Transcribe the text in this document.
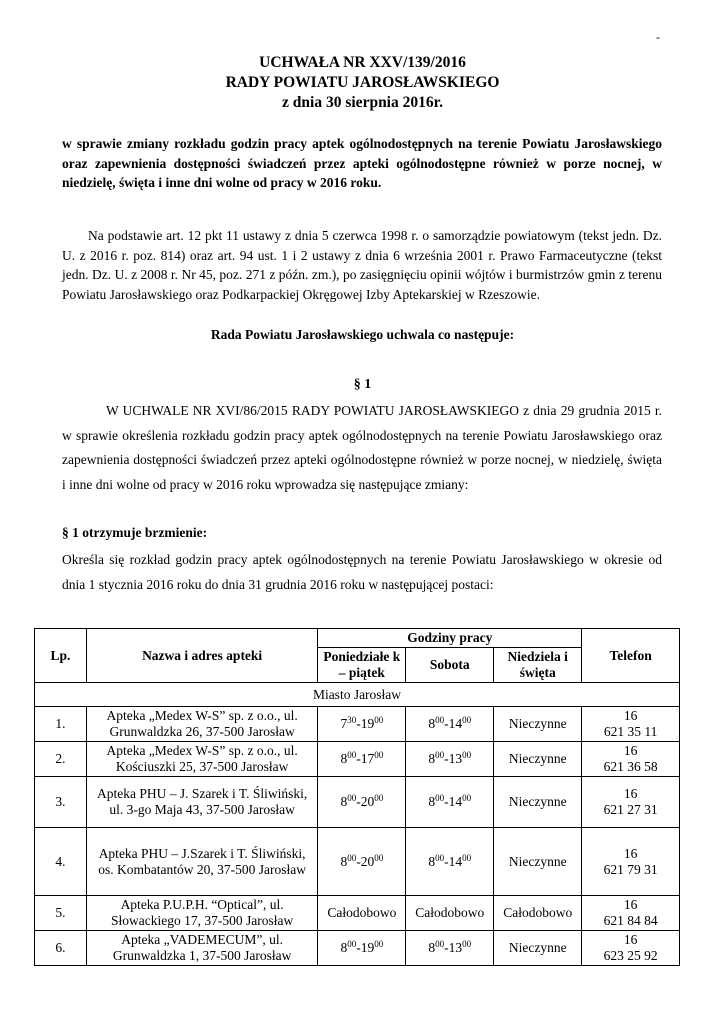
-
UCHWAŁA NR XXV/139/2016
RADY POWIATU JAROSŁAWSKIEGO
z dnia 30 sierpnia 2016r.
w sprawie zmiany rozkładu godzin pracy aptek ogólnodostępnych na terenie Powiatu Jarosławskiego oraz zapewnienia dostępności świadczeń przez apteki ogólnodostępne również w porze nocnej, w niedzielę, święta i inne dni wolne od pracy w 2016 roku.
Na podstawie art. 12 pkt 11 ustawy z dnia 5 czerwca 1998 r. o samorządzie powiatowym (tekst jedn. Dz. U. z 2016 r. poz. 814) oraz art. 94 ust. 1 i 2 ustawy z dnia 6 września 2001 r. Prawo Farmaceutyczne (tekst jedn. Dz. U. z 2008 r. Nr 45, poz. 271 z późn. zm.), po zasięgnięciu opinii wójtów i burmistrzów gmin z terenu Powiatu Jarosławskiego oraz Podkarpackiej Okręgowej Izby Aptekarskiej w Rzeszowie.
Rada Powiatu Jarosławskiego uchwala co następuje:
§ 1
W UCHWALE NR XVI/86/2015 RADY POWIATU JAROSŁAWSKIEGO z dnia 29 grudnia 2015 r. w sprawie określenia rozkładu godzin pracy aptek ogólnodostępnych na terenie Powiatu Jarosławskiego oraz zapewnienia dostępności świadczeń przez apteki ogólnodostępne również w porze nocnej, w niedzielę, święta i inne dni wolne od pracy w 2016 roku wprowadza się następujące zmiany:
§ 1 otrzymuje brzmienie:
Określa się rozkład godzin pracy aptek ogólnodostępnych na terenie Powiatu Jarosławskiego w okresie od dnia 1 stycznia 2016 roku do dnia 31 grudnia 2016 roku w następującej postaci:
Lp.	Nazwa i adres apteki	Godziny pracy			Telefon
		Poniedziałe k – piątek	Sobota	Niedziela i święta	
Miasto Jarosław					
1.	Apteka „Medex W-S” sp. z o.o., ul. Grunwaldzka 26, 37-500 Jarosław	$7^{30}-19^{00}$	$8^{00}-14^{00}$	Nieczynne	16
621 35 11
2.	Apteka „Medex W-S” sp. z o.o., ul. Kościuszki 25, 37-500 Jarosław	$8^{00}-17^{00}$	$8^{00}-13^{00}$	Nieczynne	16
621 36 58
3.	Apteka PHU – J. Szarek i T. Śliwiński, ul. 3-go Maja 43, 37-500 Jarosław	$8^{00}-20^{00}$	$8^{00}-14^{00}$	Nieczynne	16
621 27 31
4.	Apteka PHU – J.Szarek i T. Śliwiński, os. Kombatantów 20, 37-500 Jarosław	$8^{00}-20^{00}$	$8^{00}-14^{00}$	Nieczynne	16
621 79 31
5.	Apteka P.U.P.H. “Optical”, ul. Słowackiego 17, 37-500 Jarosław	Całodobowo	Całodobowo	Całodobowo	16
621 84 84
6.	Apteka „VADEMECUM”, ul. Grunwaldzka 1, 37-500 Jarosław	$8^{00}-19^{00}$	$8^{00}-13^{00}$	Nieczynne	16
623 25 92
